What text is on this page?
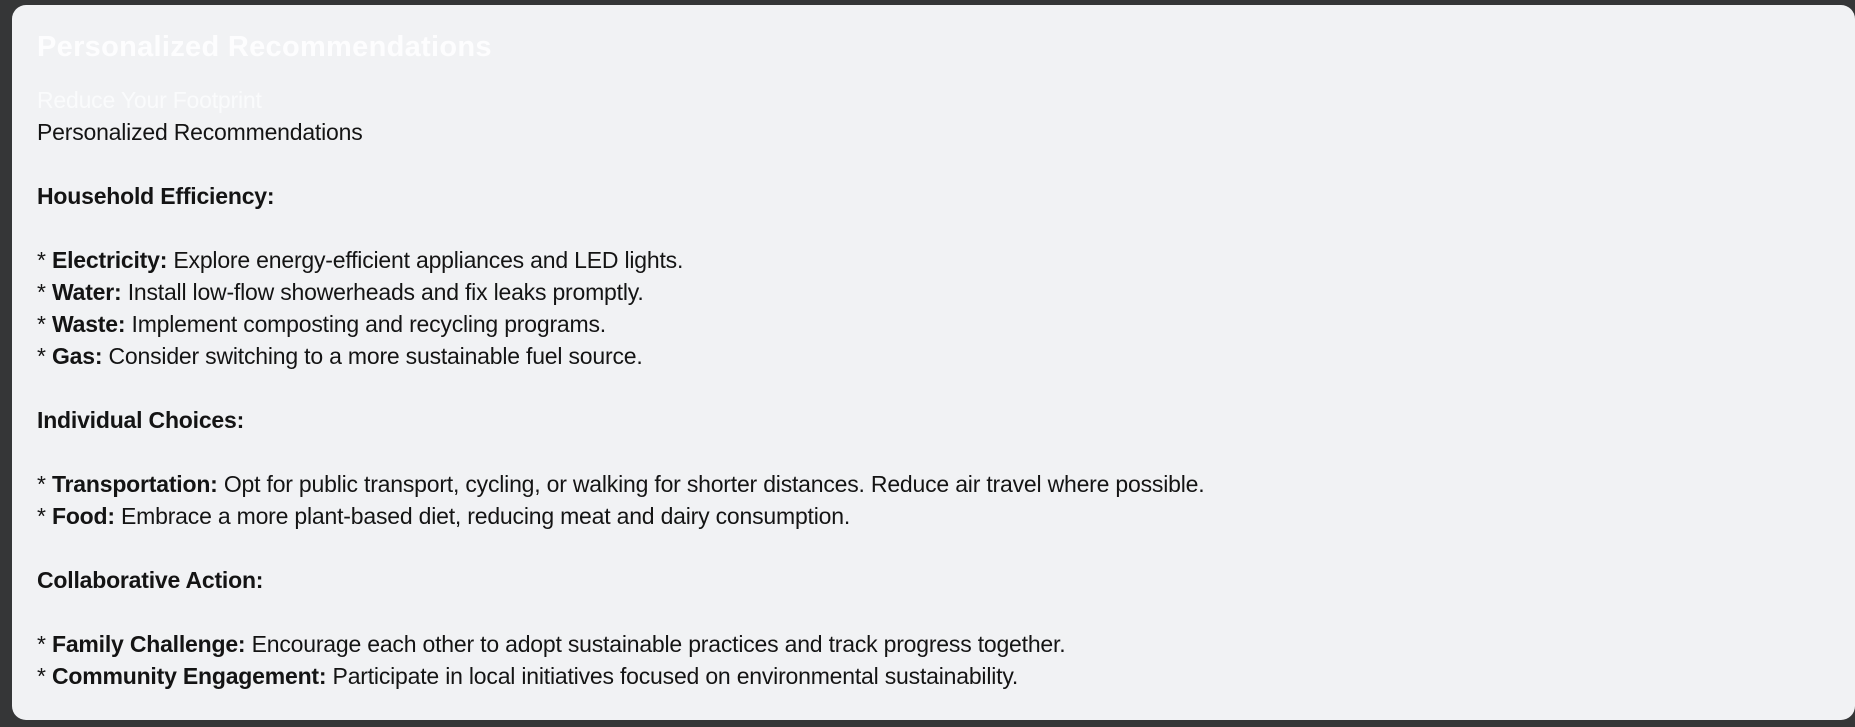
Personalized Recommendations
Reduce Your Footprint
Personalized Recommendations
Household Efficiency:
* Electricity: Explore energy-efficient appliances and LED lights.
* Water: Install low-flow showerheads and fix leaks promptly.
* Waste: Implement composting and recycling programs.
* Gas: Consider switching to a more sustainable fuel source.
Individual Choices:
* Transportation: Opt for public transport, cycling, or walking for shorter distances. Reduce air travel where possible.
* Food: Embrace a more plant-based diet, reducing meat and dairy consumption.
Collaborative Action:
* Family Challenge: Encourage each other to adopt sustainable practices and track progress together.
* Community Engagement: Participate in local initiatives focused on environmental sustainability.
